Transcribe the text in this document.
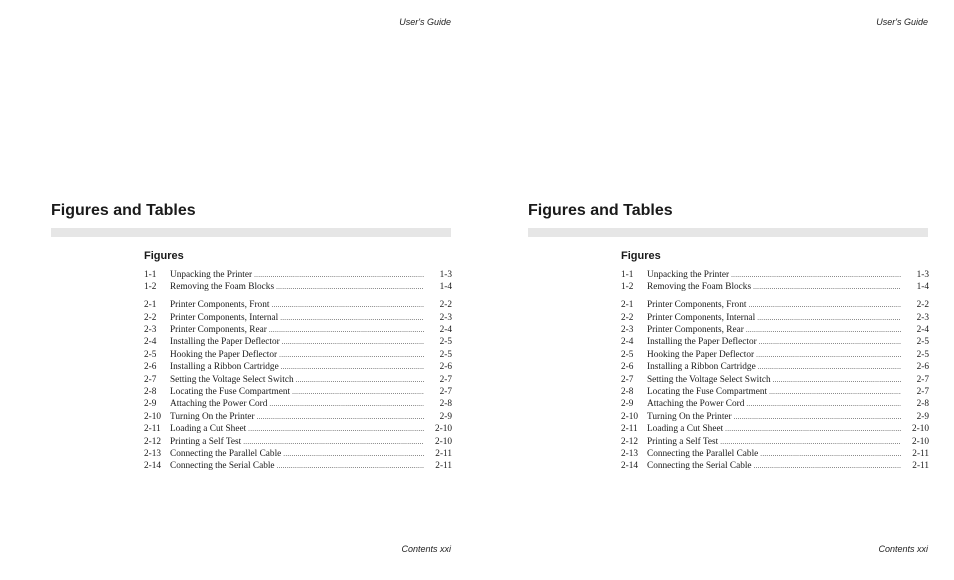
User's Guide
Figures and Tables
Figures
1-1	Unpacking the Printer .....	1-3
1-2	Removing the Foam Blocks .....	1-4
2-1	Printer Components, Front .....	2-2
2-2	Printer Components, Internal .....	2-3
2-3	Printer Components, Rear .....	2-4
2-4	Installing the Paper Deflector .....	2-5
2-5	Hooking the Paper Deflector .....	2-5
2-6	Installing a Ribbon Cartridge .....	2-6
2-7	Setting the Voltage Select Switch .....	2-7
2-8	Locating the Fuse Compartment .....	2-7
2-9	Attaching the Power Cord .....	2-8
2-10 Turning On the Printer .....	2-9
2-11 Loading a Cut Sheet .....	2-10
2-12 Printing a Self Test .....	2-10
2-13 Connecting the Parallel Cable .....	2-11
2-14 Connecting the Serial Cable .....	2-11
Contents xxi
User's Guide
Figures and Tables
Figures
1-1	Unpacking the Printer .....	1-3
1-2	Removing the Foam Blocks .....	1-4
2-1	Printer Components, Front .....	2-2
2-2	Printer Components, Internal .....	2-3
2-3	Printer Components, Rear .....	2-4
2-4	Installing the Paper Deflector .....	2-5
2-5	Hooking the Paper Deflector .....	2-5
2-6	Installing a Ribbon Cartridge .....	2-6
2-7	Setting the Voltage Select Switch .....	2-7
2-8	Locating the Fuse Compartment .....	2-7
2-9	Attaching the Power Cord .....	2-8
2-10 Turning On the Printer .....	2-9
2-11 Loading a Cut Sheet .....	2-10
2-12 Printing a Self Test .....	2-10
2-13 Connecting the Parallel Cable .....	2-11
2-14 Connecting the Serial Cable .....	2-11
Contents xxi
